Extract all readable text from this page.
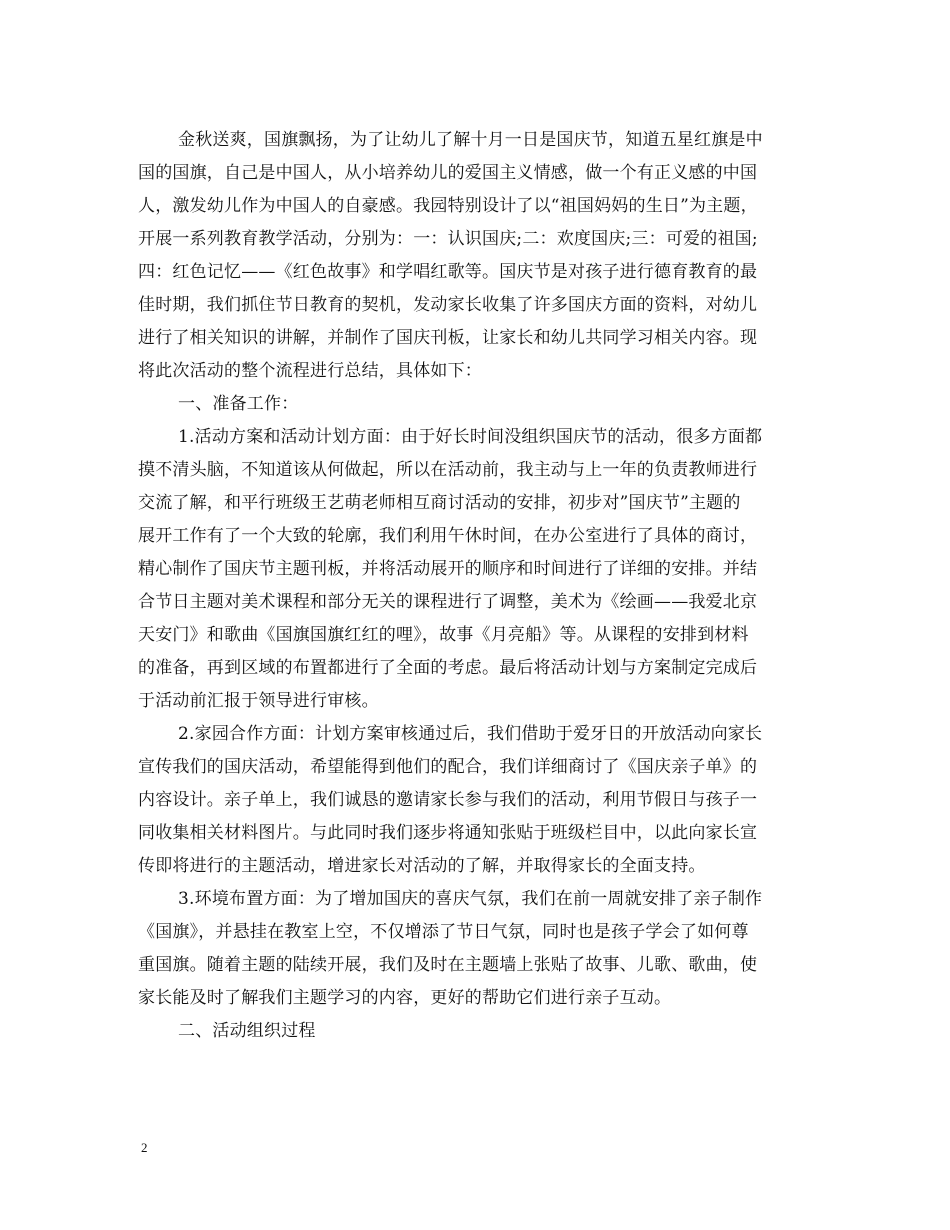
金秋送爽，国旗飘扬，为了让幼儿了解十月一日是国庆节，知道五星红旗是中
国的国旗，自己是中国人，从小培养幼儿的爱国主义情感，做一个有正义感的中国
人，激发幼儿作为中国人的自豪感。我园特别设计了以“祖国妈妈的生日”为主题，
开展一系列教育教学活动，分别为：一：认识国庆;二：欢度国庆;三：可爱的祖国;
四：红色记忆——《红色故事》和学唱红歌等。国庆节是对孩子进行德育教育的最
佳时期，我们抓住节日教育的契机，发动家长收集了许多国庆方面的资料，对幼儿
进行了相关知识的讲解，并制作了国庆刊板，让家长和幼儿共同学习相关内容。现
将此次活动的整个流程进行总结，具体如下：
一、准备工作：
1.活动方案和活动计划方面：由于好长时间没组织国庆节的活动，很多方面都
摸不清头脑，不知道该从何做起，所以在活动前，我主动与上一年的负责教师进行
交流了解，和平行班级王艺萌老师相互商讨活动的安排，初步对”国庆节”主题的
展开工作有了一个大致的轮廓，我们利用午休时间，在办公室进行了具体的商讨，
精心制作了国庆节主题刊板，并将活动展开的顺序和时间进行了详细的安排。并结
合节日主题对美术课程和部分无关的课程进行了调整，美术为《绘画——我爱北京
天安门》和歌曲《国旗国旗红红的哩》，故事《月亮船》等。从课程的安排到材料
的准备，再到区域的布置都进行了全面的考虑。最后将活动计划与方案制定完成后
于活动前汇报于领导进行审核。
2.家园合作方面：计划方案审核通过后，我们借助于爱牙日的开放活动向家长
宣传我们的国庆活动，希望能得到他们的配合，我们详细商讨了《国庆亲子单》的
内容设计。亲子单上，我们诚恳的邀请家长参与我们的活动，利用节假日与孩子一
同收集相关材料图片。与此同时我们逐步将通知张贴于班级栏目中，以此向家长宣
传即将进行的主题活动，增进家长对活动的了解，并取得家长的全面支持。
3.环境布置方面：为了增加国庆的喜庆气氛，我们在前一周就安排了亲子制作
《国旗》，并悬挂在教室上空，不仅增添了节日气氛，同时也是孩子学会了如何尊
重国旗。随着主题的陆续开展，我们及时在主题墙上张贴了故事、儿歌、歌曲，使
家长能及时了解我们主题学习的内容，更好的帮助它们进行亲子互动。
二、活动组织过程
2
